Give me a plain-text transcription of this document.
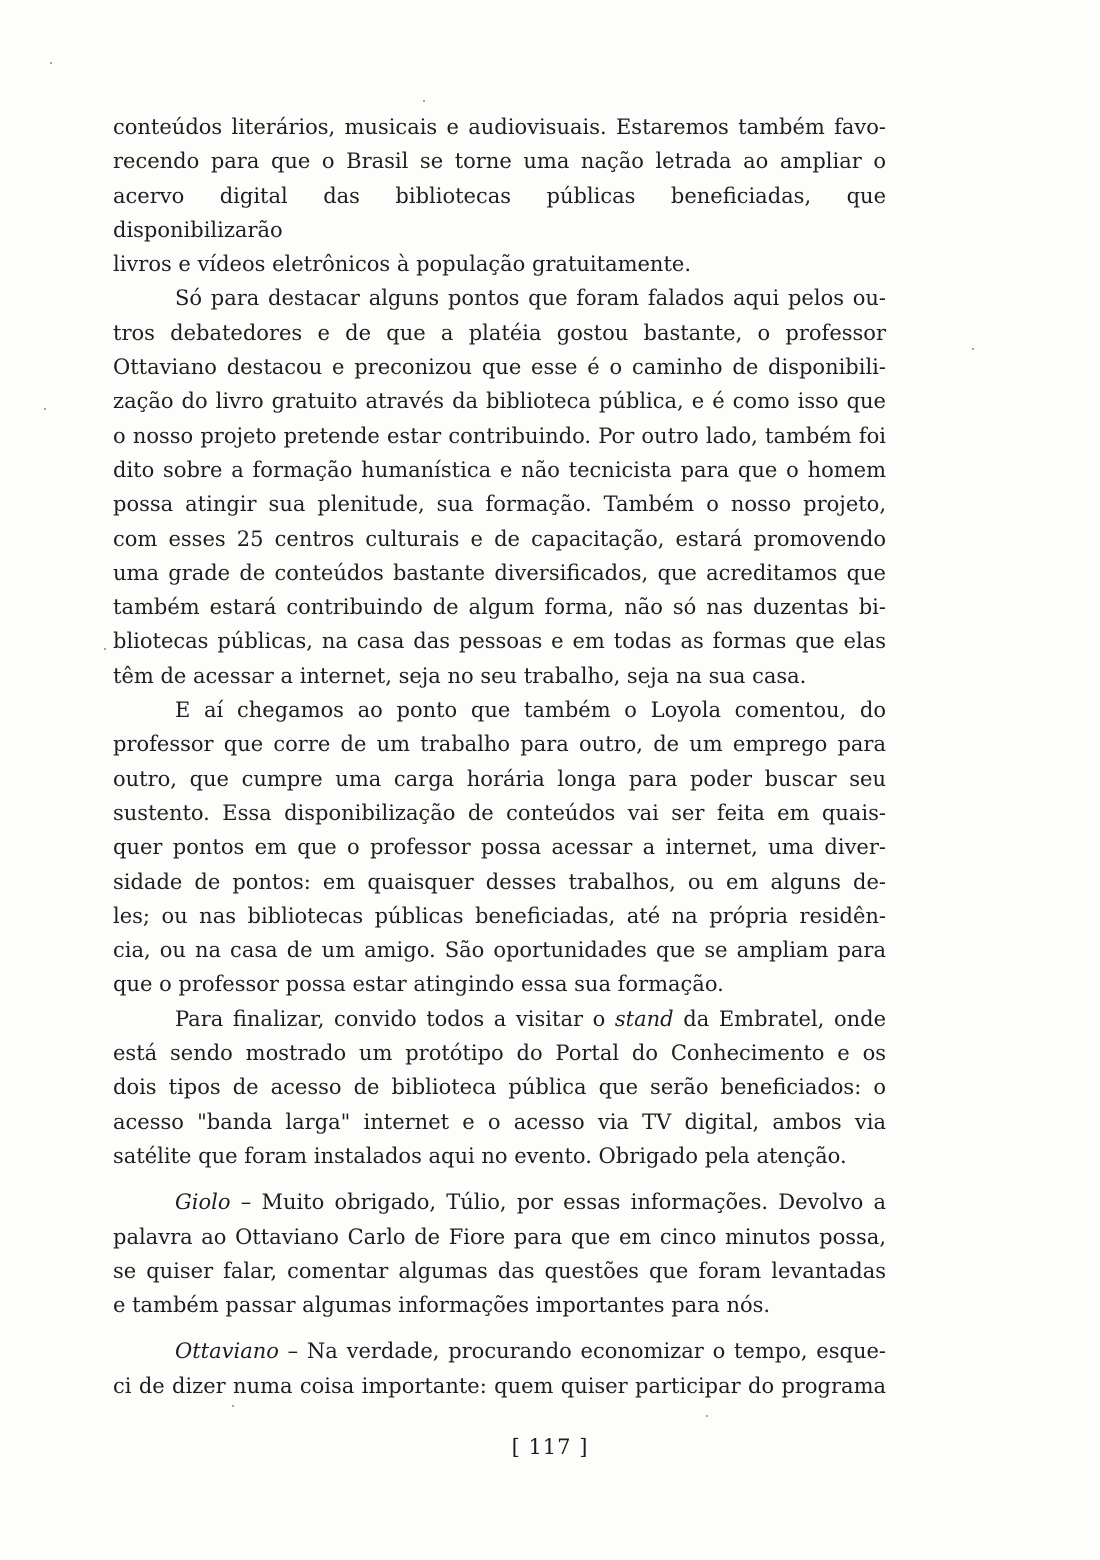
conteúdos literários, musicais e audiovisuais. Estaremos também favo-
recendo para que o Brasil se torne uma nação letrada ao ampliar o
acervo digital das bibliotecas públicas beneficiadas, que disponibilizarão
livros e vídeos eletrônicos à população gratuitamente.
Só para destacar alguns pontos que foram falados aqui pelos ou-
tros debatedores e de que a platéia gostou bastante, o professor
Ottaviano destacou e preconizou que esse é o caminho de disponibili-
zação do livro gratuito através da biblioteca pública, e é como isso que
o nosso projeto pretende estar contribuindo. Por outro lado, também foi
dito sobre a formação humanística e não tecnicista para que o homem
possa atingir sua plenitude, sua formação. Também o nosso projeto,
com esses 25 centros culturais e de capacitação, estará promovendo
uma grade de conteúdos bastante diversificados, que acreditamos que
também estará contribuindo de algum forma, não só nas duzentas bi-
bliotecas públicas, na casa das pessoas e em todas as formas que elas
têm de acessar a internet, seja no seu trabalho, seja na sua casa.
E aí chegamos ao ponto que também o Loyola comentou, do
professor que corre de um trabalho para outro, de um emprego para
outro, que cumpre uma carga horária longa para poder buscar seu
sustento. Essa disponibilização de conteúdos vai ser feita em quais-
quer pontos em que o professor possa acessar a internet, uma diver-
sidade de pontos: em quaisquer desses trabalhos, ou em alguns de-
les; ou nas bibliotecas públicas beneficiadas, até na própria residên-
cia, ou na casa de um amigo. São oportunidades que se ampliam para
que o professor possa estar atingindo essa sua formação.
Para finalizar, convido todos a visitar o stand da Embratel, onde
está sendo mostrado um protótipo do Portal do Conhecimento e os
dois tipos de acesso de biblioteca pública que serão beneficiados: o
acesso "banda larga" internet e o acesso via TV digital, ambos via
satélite que foram instalados aqui no evento. Obrigado pela atenção.
Giolo – Muito obrigado, Túlio, por essas informações. Devolvo a
palavra ao Ottaviano Carlo de Fiore para que em cinco minutos possa,
se quiser falar, comentar algumas das questões que foram levantadas
e também passar algumas informações importantes para nós.
Ottaviano – Na verdade, procurando economizar o tempo, esque-
ci de dizer numa coisa importante: quem quiser participar do programa
[ 117 ]
